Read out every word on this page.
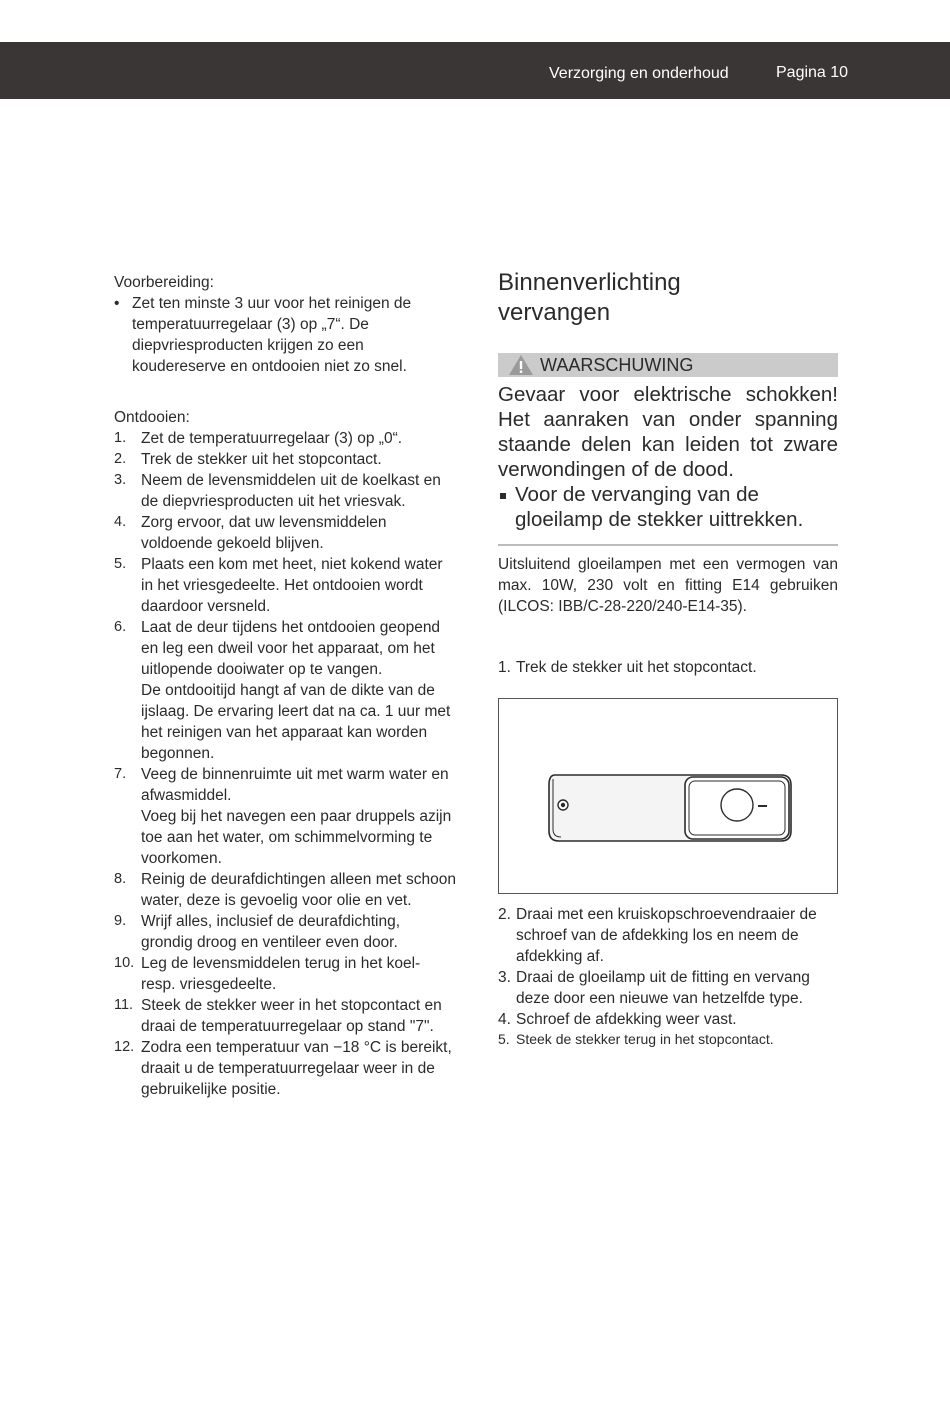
Verzorging en onderhoud	Pagina 10

Voorbereiding:

• Zet ten minste 3 uur voor het reinigen de temperatuurregelaar (3) op „7“. De diepvriesproducten krijgen zo een koudereserve en ontdooien niet zo snel.

Ontdooien:

1. Zet de temperatuurregelaar (3) op „0“.
2. Trek de stekker uit het stopcontact.
3. Neem de levensmiddelen uit de koelkast en de diepvriesproducten uit het vriesvak.
4. Zorg ervoor, dat uw levensmiddelen voldoende gekoeld blijven.
5. Plaats een kom met heet, niet kokend water in het vriesgedeelte. Het ontdooien wordt daardoor versneld.
6. Laat de deur tijdens het ontdooien geopend en leg een dweil voor het apparaat, om het uitlopende dooiwater op te vangen.
De ontdooitijd hangt af van de dikte van de ijslaag. De ervaring leert dat na ca. 1 uur met het reinigen van het apparaat kan worden begonnen.
7. Veeg de binnenruimte uit met warm water en afwasmiddel.
Voeg bij het navegen een paar druppels azijn toe aan het water, om schimmelvorming te voorkomen.
8. Reinig de deurafdichtingen alleen met schoon water, deze is gevoelig voor olie en vet.
9. Wrijf alles, inclusief de deurafdichting, grondig droog en ventileer even door.
10. Leg de levensmiddelen terug in het koel- resp. vriesgedeelte.
11. Steek de stekker weer in het stopcontact en draai de temperatuurregelaar op stand "7".
12. Zodra een temperatuur van −18 °C is bereikt, draait u de temperatuurregelaar weer in de gebruikelijke positie.
Binnenverlichting
vervangen
WAARSCHUWING

Gevaar voor elektrische schokken! Het aanraken van onder spanning staande delen kan leiden tot zware verwondingen of de dood.

Voor de vervanging van de gloeilamp de stekker uittrekken.

Uitsluitend gloeilampen met een vermogen van max. 10W, 230 volt en fitting E14 gebruiken (ILCOS: IBB/C-28-220/240-E14-35).

1. Trek de stekker uit het stopcontact.
2. Draai met een kruiskopschroevendraaier de schroef van de afdekking los en neem de afdekking af.
3. Draai de gloeilamp uit de fitting en vervang deze door een nieuwe van hetzelfde type.
4. Schroef de afdekking weer vast.
5. Steek de stekker terug in het stopcontact.
